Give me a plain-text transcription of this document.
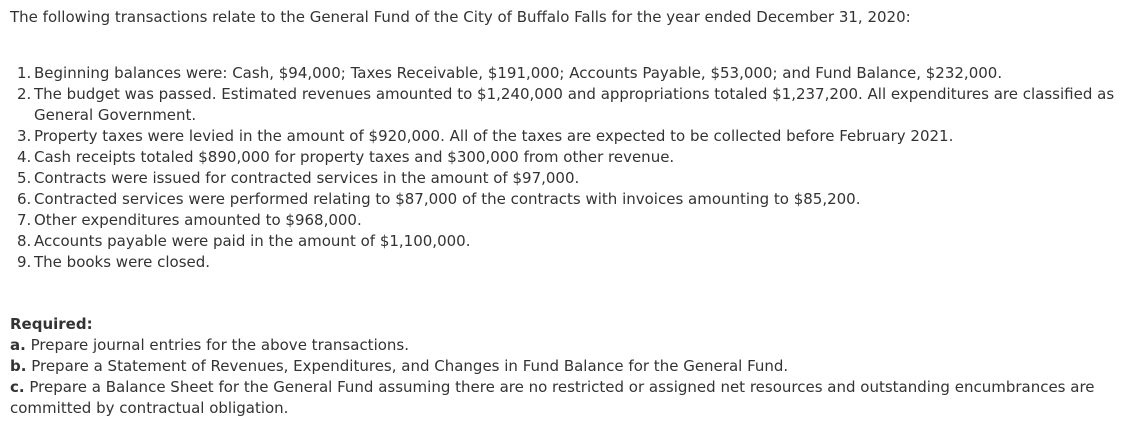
The following transactions relate to the General Fund of the City of Buffalo Falls for the year ended December 31, 2020:

1. Beginning balances were: Cash, $94,000; Taxes Receivable, $191,000; Accounts Payable, $53,000; and Fund Balance, $232,000.
2. The budget was passed. Estimated revenues amounted to $1,240,000 and appropriations totaled $1,237,200. All expenditures are classified as General Government.
3. Property taxes were levied in the amount of $920,000. All of the taxes are expected to be collected before February 2021.
4. Cash receipts totaled $890,000 for property taxes and $300,000 from other revenue.
5. Contracts were issued for contracted services in the amount of $97,000.
6. Contracted services were performed relating to $87,000 of the contracts with invoices amounting to $85,200.
7. Other expenditures amounted to $968,000.
8. Accounts payable were paid in the amount of $1,100,000.
9. The books were closed.

Required:

a. Prepare journal entries for the above transactions.

b. Prepare a Statement of Revenues, Expenditures, and Changes in Fund Balance for the General Fund.

c. Prepare a Balance Sheet for the General Fund assuming there are no restricted or assigned net resources and outstanding encumbrances are committed by contractual obligation.
